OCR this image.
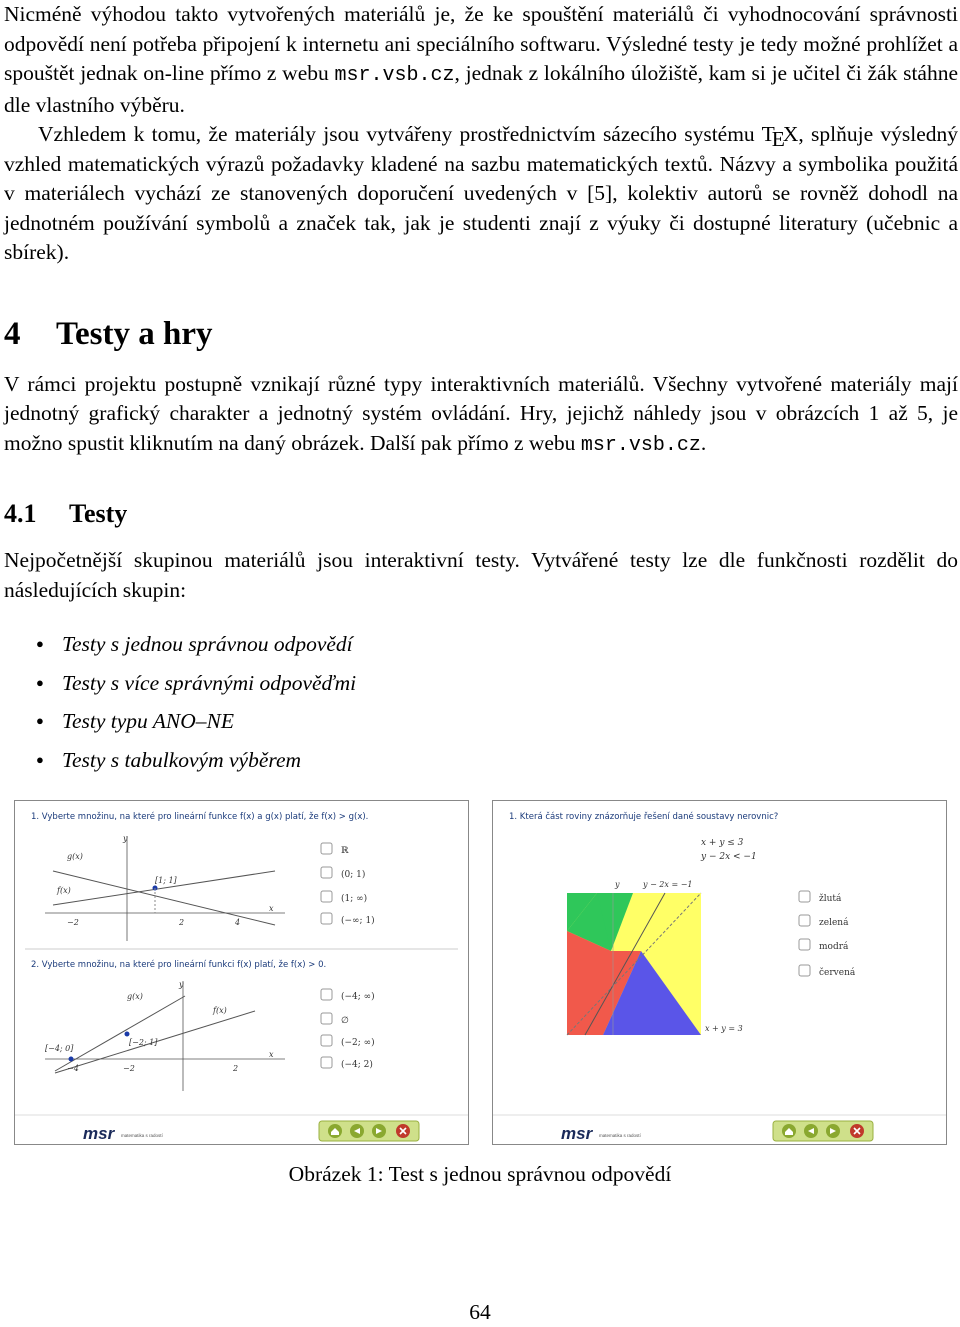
Nicméně výhodou takto vytvořených materiálů je, že ke spouštění materiálů či vyhodnocování správnosti odpovědí není potřeba připojení k internetu ani speciálního softwaru. Výsledné testy je tedy možné prohlížet a spouštět jednak on-line přímo z webu msr.vsb.cz, jednak z lokálního úložiště, kam si je učitel či žák stáhne dle vlastního výběru.

Vzhledem k tomu, že materiály jsou vytvářeny prostřednictvím sázecího systému TEX, splňuje výsledný vzhled matematických výrazů požadavky kladené na sazbu matematických textů. Názvy a symbolika použitá v materiálech vychází ze stanovených doporučení uvedených v [5], kolektiv autorů se rovněž dohodl na jednotném používání symbolů a značek tak, jak je studenti znají z výuky či dostupné literatury (učebnic a sbírek).

4 Testy a hry

V rámci projektu postupně vznikají různé typy interaktivních materiálů. Všechny vytvořené materiály mají jednotný grafický charakter a jednotný systém ovládání. Hry, jejichž náhledy jsou v obrázcích 1 až 5, je možno spustit kliknutím na daný obrázek. Další pak přímo z webu msr.vsb.cz.

4.1 Testy

Nejpočetnější skupinou materiálů jsou interaktivní testy. Vytvářené testy lze dle funkčnosti rozdělit do následujících skupin:

● Testy s jednou správnou odpovědí
● Testy s více správnými odpověďmi
● Testy typu ANO–NE
● Testy s tabulkovým výběrem
1. Vyberte množinu, na které pro lineární funkce f(x) a g(x) platí, že f(x) > g(x).
g(x)
f(x)
y
x
[1; 1]
−2	2	4
ℝ
(0; 1)
(1; ∞)
(−∞; 1)
2. Vyberte množinu, na které pro lineární funkci f(x) platí, že f(x) > 0.
g(x)
f(x)
y
x
[−4; 0]
[−2; 1]
−4	−2	2
(−4; ∞)
∅
(−2; ∞)
(−4; 2)
msr	matematika s radostí
1. Která část roviny znázorňuje řešení dané soustavy nerovnic?
x + y ≤ 3
y − 2x < −1
y − 2x = −1
y
x + y = 3
žlutá
zelená
modrá
červená
msr	matematika s radostí
Obrázek 1: Test s jednou správnou odpovědí
64
